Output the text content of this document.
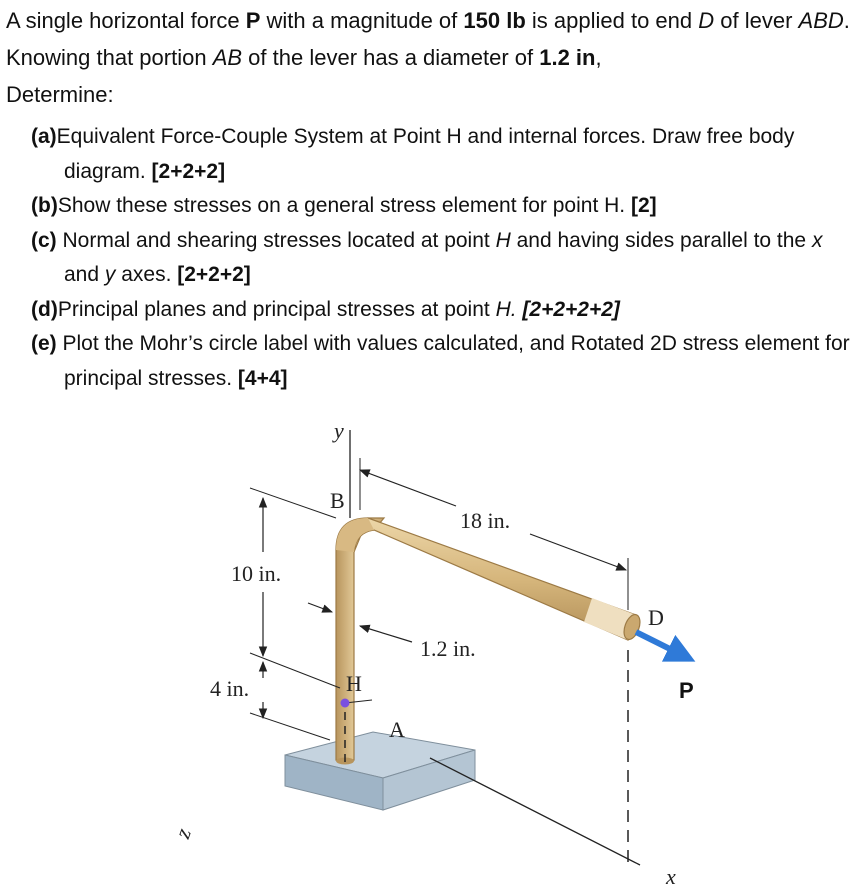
A single horizontal force P with a magnitude of 150 lb is applied to end D of lever ABD. Knowing that portion AB of the lever has a diameter of 1.2 in,
Determine:
(a)Equivalent Force-Couple System at Point H and internal forces. Draw free body diagram. [2+2+2]
(b)Show these stresses on a general stress element for point H. [2]
(c) Normal and shearing stresses located at point H and having sides parallel to the x and y axes. [2+2+2]
(d)Principal planes and principal stresses at point H. [2+2+2+2]
(e) Plot the Mohr’s circle label with values calculated, and Rotated 2D stress element for principal stresses. [4+4]
y
x
z
P
B
D
H
A
18 in.
10 in.
4 in.
1.2 in.
